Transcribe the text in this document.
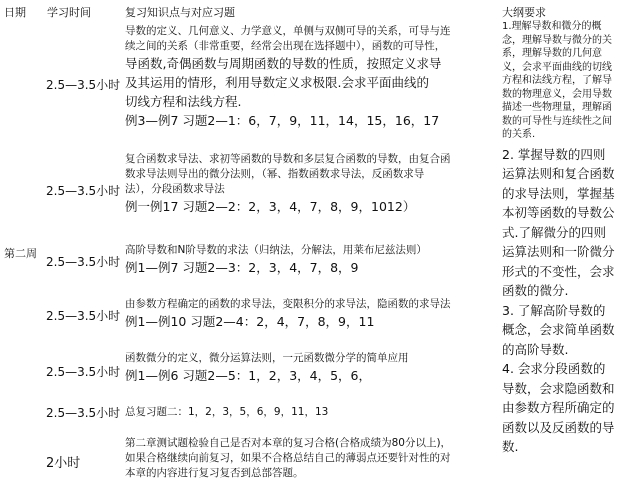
日期 学习时间	复习知识点与对应习题	大纲要求
第二周
2.5—3.5小时
导数的定义、几何意义、力学意义，单侧与双侧可导的关系，可导与连
续之间的关系（非常重要，经常会出现在选择题中），函数的可导性，
导函数,奇偶函数与周期函数的导数的性质，按照定义求导
及其运用的情形，利用导数定义求极限.会求平面曲线的
切线方程和法线方程.
例3—例7 习题2—1：6，7，9，11，14，15，16，17
2.5—3.5小时
复合函数求导法、求初等函数的导数和多层复合函数的导数，由复合函
数求导法则导出的微分法则，（幂、指数函数求导法，反函数求导
法），分段函数求导法
例一例17 习题2—2：2，3，4，7，8，9，1012）
2.5—3.5小时
高阶导数和N阶导数的求法（归纳法，分解法，用莱布尼兹法则）
例1—例7 习题2—3：2，3，4，7，8，9
2.5—3.5小时
由参数方程确定的函数的求导法，变限积分的求导法，隐函数的求导法
例1—例10 习题2—4：2，4，7，8，9，11
2.5—3.5小时
函数微分的定义，微分运算法则，一元函数微分学的简单应用
例1—例6 习题2—5：1，2，3，4，5，6，
2.5—3.5小时 总复习题二：1，2，3，5，6，9，11，13
2小时
第二章测试题检验自己是否对本章的复习合格(合格成绩为80分以上)，
如果合格继续向前复习，如果不合格总结自己的薄弱点还要针对性的对
本章的内容进行复习复否到总部答题。
1.理解导数和微分的概
念，理解导数与微分的关
系，理解导数的几何意
义，会求平面曲线的切线
方程和法线方程，了解导
数的物理意义，会用导数
描述一些物理量，理解函
数的可导性与连续性之间
的关系.
2. 掌握导数的四则
运算法则和复合函数
的求导法则，掌握基
本初等函数的导数公
式.了解微分的四则
运算法则和一阶微分
形式的不变性，会求
函数的微分.
3. 了解高阶导数的
概念，会求简单函数
的高阶导数.
4. 会求分段函数的
导数，会求隐函数和
由参数方程所确定的
函数以及反函数的导
数.
